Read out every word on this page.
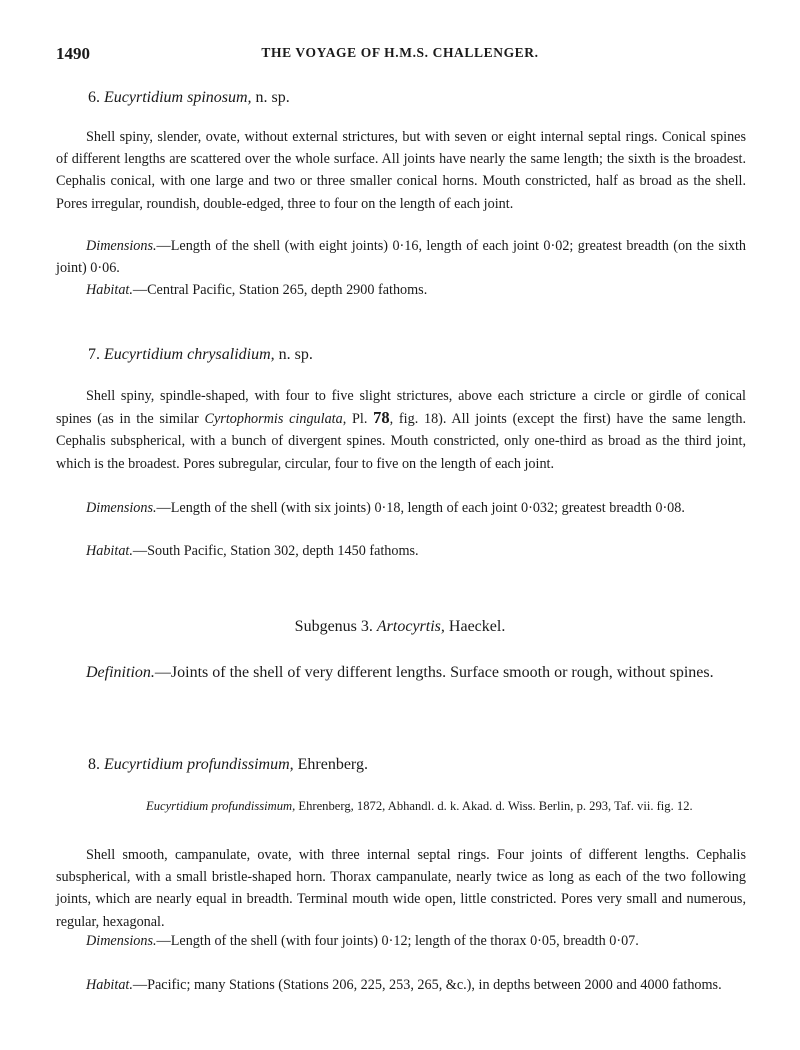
1490	THE VOYAGE OF H.M.S. CHALLENGER.
6. Eucyrtidium spinosum, n. sp.

Shell spiny, slender, ovate, without external strictures, but with seven or eight internal septal rings. Conical spines of different lengths are scattered over the whole surface. All joints have nearly the same length; the sixth is the broadest. Cephalis conical, with one large and two or three smaller conical horns. Mouth constricted, half as broad as the shell. Pores irregular, roundish, double-edged, three to four on the length of each joint.

Dimensions.—Length of the shell (with eight joints) 0·16, length of each joint 0·02; greatest breadth (on the sixth joint) 0·06.

Habitat.—Central Pacific, Station 265, depth 2900 fathoms.

7. Eucyrtidium chrysalidium, n. sp.

Shell spiny, spindle-shaped, with four to five slight strictures, above each stricture a circle or girdle of conical spines (as in the similar Cyrtophormis cingulata, Pl. 78, fig. 18). All joints (except the first) have the same length. Cephalis subspherical, with a bunch of divergent spines. Mouth constricted, only one-third as broad as the third joint, which is the broadest. Pores subregular, circular, four to five on the length of each joint.

Dimensions.—Length of the shell (with six joints) 0·18, length of each joint 0·032; greatest breadth 0·08.

Habitat.—South Pacific, Station 302, depth 1450 fathoms.

Subgenus 3. Artocyrtis, Haeckel.

Definition.—Joints of the shell of very different lengths. Surface smooth or rough, without spines.

8. Eucyrtidium profundissimum, Ehrenberg.

Eucyrtidium profundissimum, Ehrenberg, 1872, Abhandl. d. k. Akad. d. Wiss. Berlin, p. 293, Taf. vii. fig. 12.

Shell smooth, campanulate, ovate, with three internal septal rings. Four joints of different lengths. Cephalis subspherical, with a small bristle-shaped horn. Thorax campanulate, nearly twice as long as each of the two following joints, which are nearly equal in breadth. Terminal mouth wide open, little constricted. Pores very small and numerous, regular, hexagonal.

Dimensions.—Length of the shell (with four joints) 0·12; length of the thorax 0·05, breadth 0·07.

Habitat.—Pacific; many Stations (Stations 206, 225, 253, 265, &c.), in depths between 2000 and 4000 fathoms.
